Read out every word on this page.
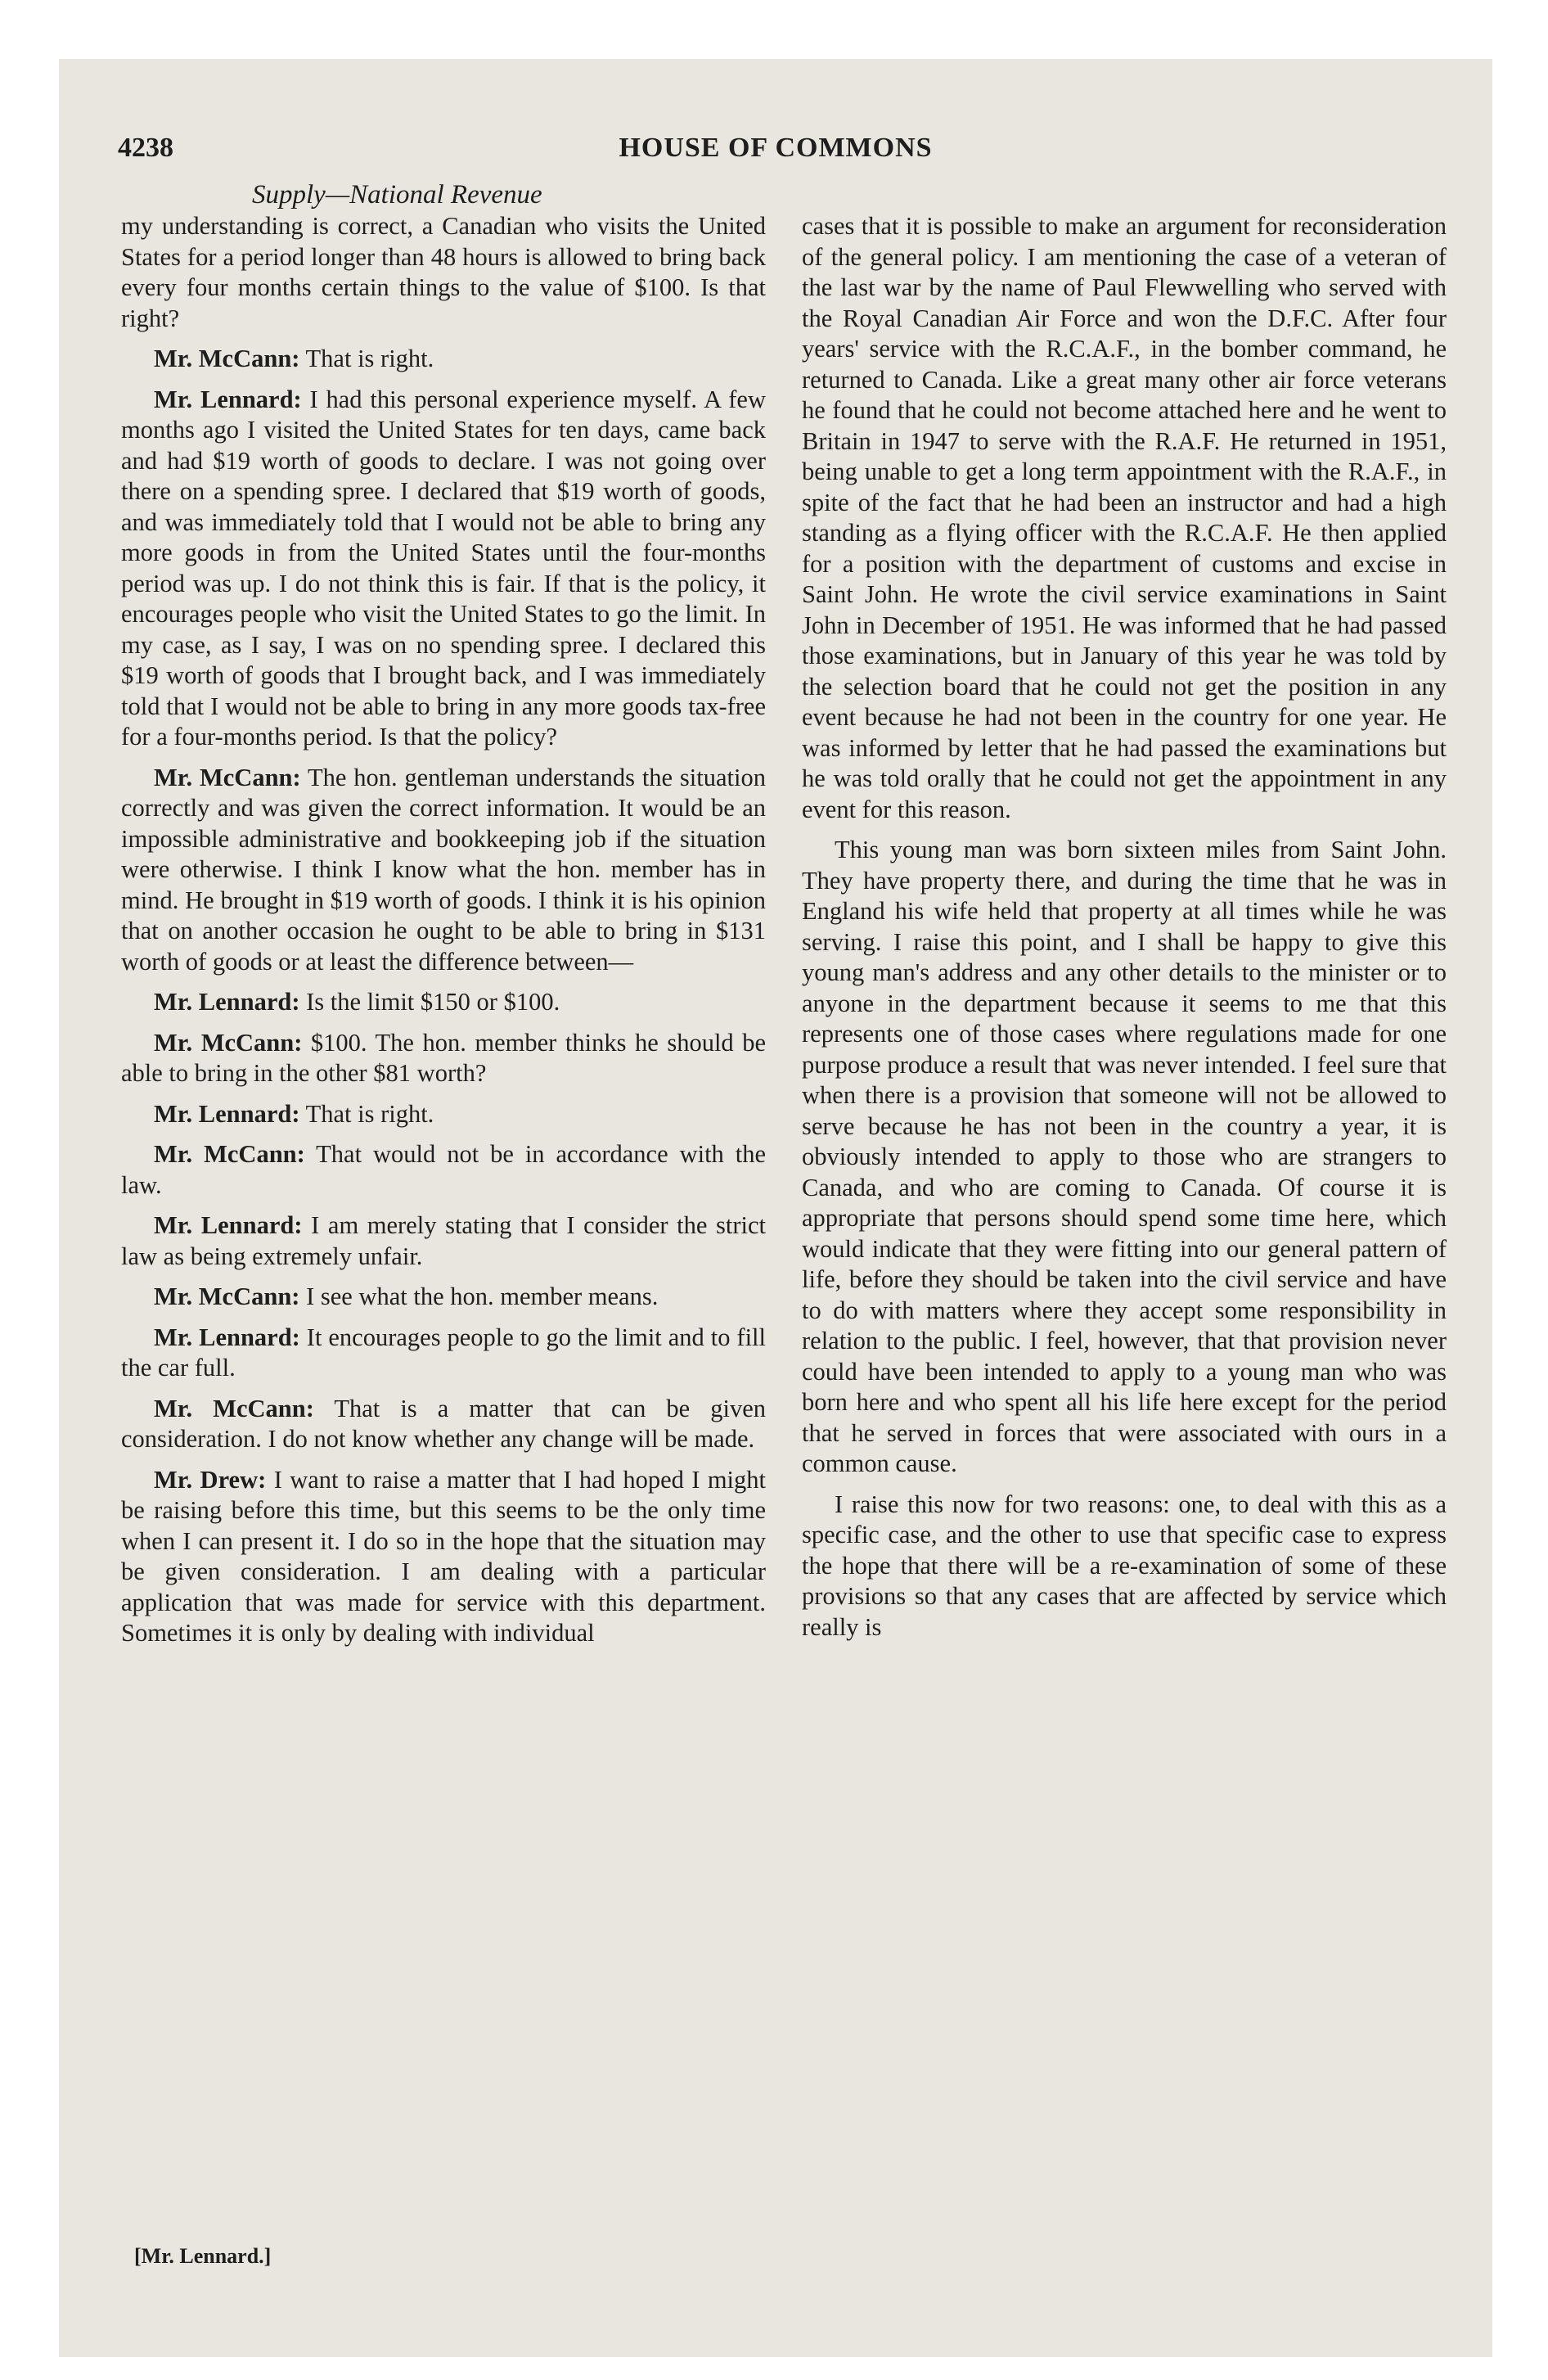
4238	HOUSE OF COMMONS
Supply—National Revenue

my understanding is correct, a Canadian who visits the United States for a period longer than 48 hours is allowed to bring back every four months certain things to the value of $100. Is that right?

Mr. McCann: That is right.

Mr. Lennard: I had this personal experience myself. A few months ago I visited the United States for ten days, came back and had $19 worth of goods to declare. I was not going over there on a spending spree. I declared that $19 worth of goods, and was immediately told that I would not be able to bring any more goods in from the United States until the four-months period was up. I do not think this is fair. If that is the policy, it encourages people who visit the United States to go the limit. In my case, as I say, I was on no spending spree. I declared this $19 worth of goods that I brought back, and I was immediately told that I would not be able to bring in any more goods tax-free for a four-months period. Is that the policy?

Mr. McCann: The hon. gentleman understands the situation correctly and was given the correct information. It would be an impossible administrative and bookkeeping job if the situation were otherwise. I think I know what the hon. member has in mind. He brought in $19 worth of goods. I think it is his opinion that on another occasion he ought to be able to bring in $131 worth of goods or at least the difference between—

Mr. Lennard: Is the limit $150 or $100.

Mr. McCann: $100. The hon. member thinks he should be able to bring in the other $81 worth?

Mr. Lennard: That is right.

Mr. McCann: That would not be in accordance with the law.

Mr. Lennard: I am merely stating that I consider the strict law as being extremely unfair.

Mr. McCann: I see what the hon. member means.

Mr. Lennard: It encourages people to go the limit and to fill the car full.

Mr. McCann: That is a matter that can be given consideration. I do not know whether any change will be made.

Mr. Drew: I want to raise a matter that I had hoped I might be raising before this time, but this seems to be the only time when I can present it. I do so in the hope that the situation may be given consideration. I am dealing with a particular application that was made for service with this department. Sometimes it is only by dealing with individual

cases that it is possible to make an argument for reconsideration of the general policy. I am mentioning the case of a veteran of the last war by the name of Paul Flewwelling who served with the Royal Canadian Air Force and won the D.F.C. After four years' service with the R.C.A.F., in the bomber command, he returned to Canada. Like a great many other air force veterans he found that he could not become attached here and he went to Britain in 1947 to serve with the R.A.F. He returned in 1951, being unable to get a long term appointment with the R.A.F., in spite of the fact that he had been an instructor and had a high standing as a flying officer with the R.C.A.F. He then applied for a position with the department of customs and excise in Saint John. He wrote the civil service examinations in Saint John in December of 1951. He was informed that he had passed those examinations, but in January of this year he was told by the selection board that he could not get the position in any event because he had not been in the country for one year. He was informed by letter that he had passed the examinations but he was told orally that he could not get the appointment in any event for this reason.

This young man was born sixteen miles from Saint John. They have property there, and during the time that he was in England his wife held that property at all times while he was serving. I raise this point, and I shall be happy to give this young man's address and any other details to the minister or to anyone in the department because it seems to me that this represents one of those cases where regulations made for one purpose produce a result that was never intended. I feel sure that when there is a provision that someone will not be allowed to serve because he has not been in the country a year, it is obviously intended to apply to those who are strangers to Canada, and who are coming to Canada. Of course it is appropriate that persons should spend some time here, which would indicate that they were fitting into our general pattern of life, before they should be taken into the civil service and have to do with matters where they accept some responsibility in relation to the public. I feel, however, that that provision never could have been intended to apply to a young man who was born here and who spent all his life here except for the period that he served in forces that were associated with ours in a common cause.

I raise this now for two reasons: one, to deal with this as a specific case, and the other to use that specific case to express the hope that there will be a re-examination of some of these provisions so that any cases that are affected by service which really is

[Mr. Lennard.]
